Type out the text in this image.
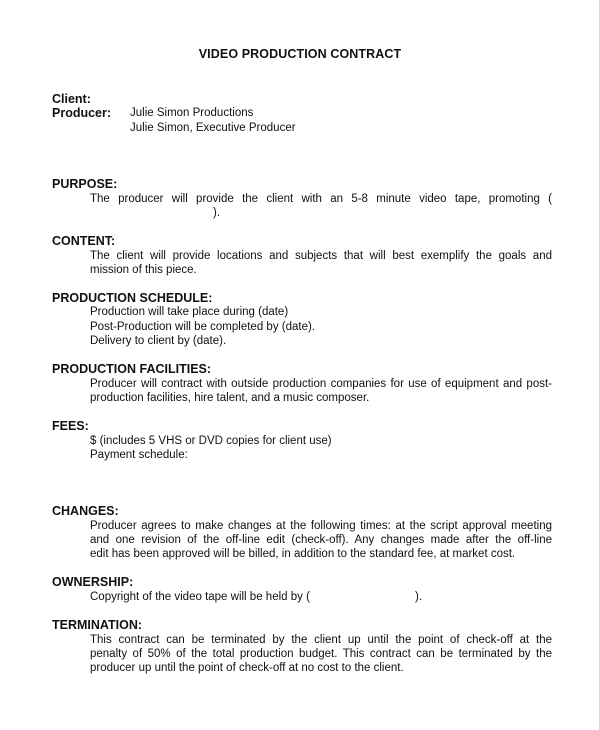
VIDEO PRODUCTION CONTRACT
Client:
Producer: Julie Simon Productions
Julie Simon, Executive Producer
PURPOSE:
The producer will provide the client with an 5-8 minute video tape, promoting (
).
CONTENT:
The client will provide locations and subjects that will best exemplify the goals and
mission of this piece.
PRODUCTION SCHEDULE:
Production will take place during (date)
Post-Production will be completed by (date).
Delivery to client by (date).
PRODUCTION FACILITIES:
Producer will contract with outside production companies for use of equipment and post-
production facilities, hire talent, and a music composer.
FEES:
$ (includes 5 VHS or DVD copies for client use)
Payment schedule:
CHANGES:
Producer agrees to make changes at the following times: at the script approval meeting
and one revision of the off-line edit (check-off). Any changes made after the off-line
edit has been approved will be billed, in addition to the standard fee, at market cost.
OWNERSHIP:
Copyright of the video tape will be held by (	).
TERMINATION:
This contract can be terminated by the client up until the point of check-off at the
penalty of 50% of the total production budget. This contract can be terminated by the
producer up until the point of check-off at no cost to the client.
